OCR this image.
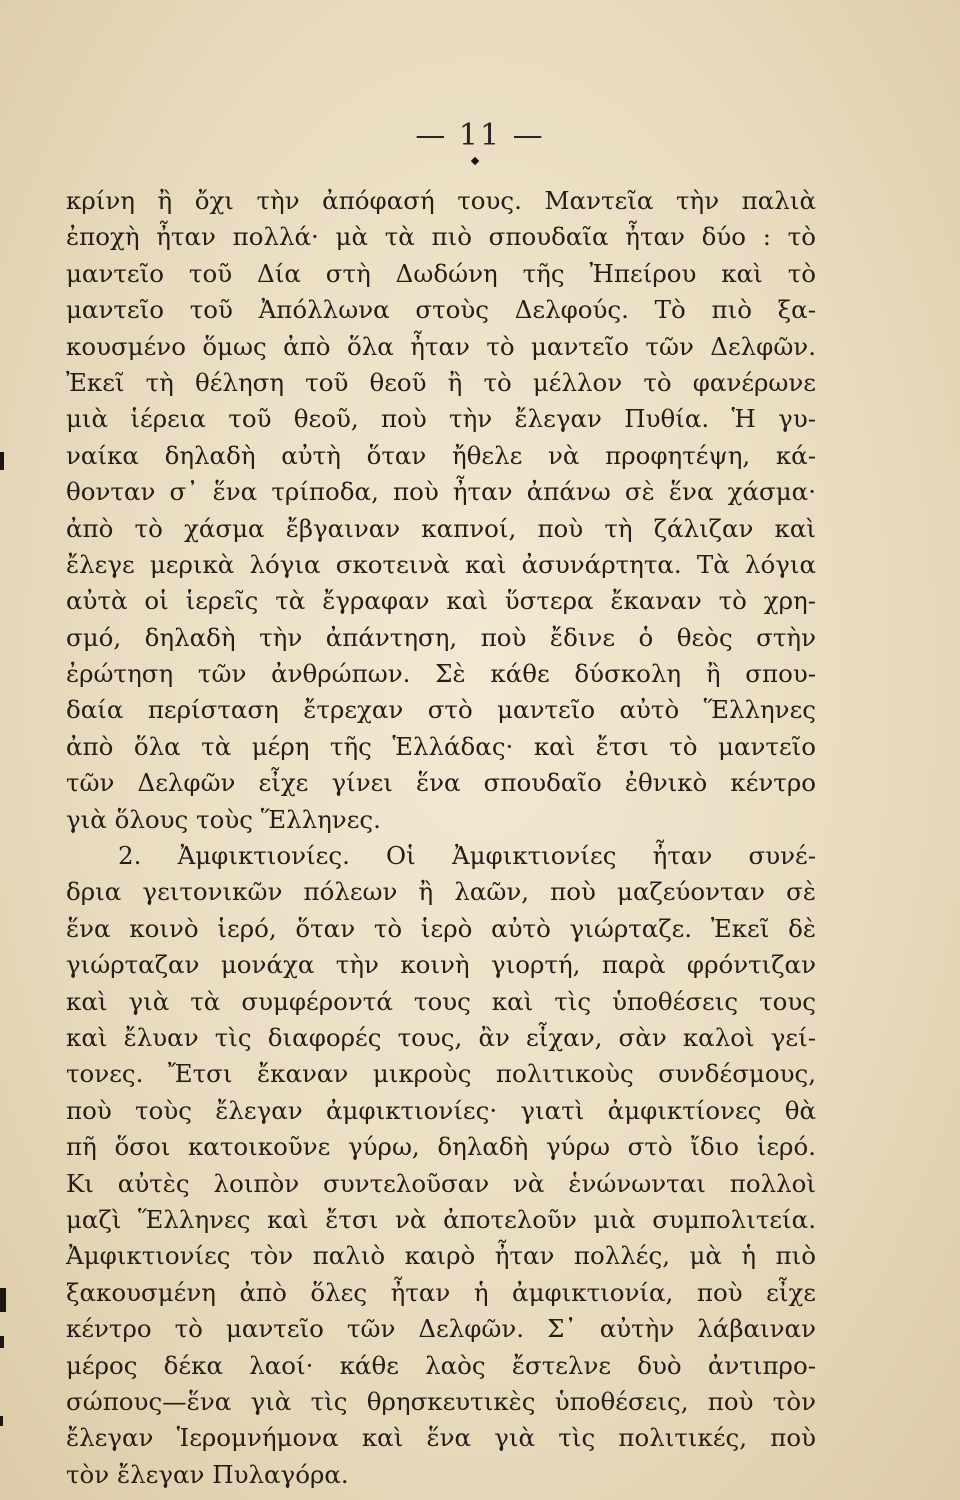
— 11 —
κρίνη ἢ ὄχι τὴν ἀπόφασή τους. Μαντεῖα τὴν παλιὰ
ἐποχὴ ἦταν πολλά· μὰ τὰ πιὸ σπουδαῖα ἦταν δύο : τὸ
μαντεῖο τοῦ Δία στὴ Δωδώνη τῆς Ἠπείρου καὶ τὸ
μαντεῖο τοῦ Ἀπόλλωνα στοὺς Δελφούς. Τὸ πιὸ ξα-
κουσμένο ὅμως ἀπὸ ὅλα ἦταν τὸ μαντεῖο τῶν Δελφῶν.
Ἐκεῖ τὴ θέληση τοῦ θεοῦ ἢ τὸ μέλλον τὸ φανέρωνε
μιὰ ἱέρεια τοῦ θεοῦ, ποὺ τὴν ἔλεγαν Πυθία. Ἡ γυ-
ναίκα δηλαδὴ αὐτὴ ὅταν ἤθελε νὰ προφητέψη, κά-
θονταν σ᾽ ἕνα τρίποδα, ποὺ ἦταν ἀπάνω σὲ ἕνα χάσμα·
ἀπὸ τὸ χάσμα ἔβγαιναν καπνοί, ποὺ τὴ ζάλιζαν καὶ
ἔλεγε μερικὰ λόγια σκοτεινὰ καὶ ἀσυνάρτητα. Τὰ λόγια
αὐτὰ οἱ ἱερεῖς τὰ ἔγραφαν καὶ ὕστερα ἔκαναν τὸ χρη-
σμό, δηλαδὴ τὴν ἀπάντηση, ποὺ ἔδινε ὁ θεὸς στὴν
ἐρώτηση τῶν ἀνθρώπων. Σὲ κάθε δύσκολη ἢ σπου-
δαία περίσταση ἔτρεχαν στὸ μαντεῖο αὐτὸ Ἕλληνες
ἀπὸ ὅλα τὰ μέρη τῆς Ἑλλάδας· καὶ ἔτσι τὸ μαντεῖο
τῶν Δελφῶν εἶχε γίνει ἕνα σπουδαῖο ἐθνικὸ κέντρο
γιὰ ὅλους τοὺς Ἕλληνες.
2. Ἀμφικτιονίες. Οἱ Ἀμφικτιονίες ἦταν συνέ-
δρια γειτονικῶν πόλεων ἢ λαῶν, ποὺ μαζεύονταν σὲ
ἕνα κοινὸ ἱερό, ὅταν τὸ ἱερὸ αὐτὸ γιώρταζε. Ἐκεῖ δὲ
γιώρταζαν μονάχα τὴν κοινὴ γιορτή, παρὰ φρόντιζαν
καὶ γιὰ τὰ συμφέροντά τους καὶ τὶς ὑποθέσεις τους
καὶ ἔλυαν τὶς διαφορές τους, ἂν εἶχαν, σὰν καλοὶ γεί-
τονες. Ἔτσι ἔκαναν μικροὺς πολιτικοὺς συνδέσμους,
ποὺ τοὺς ἔλεγαν ἀμφικτιονίες· γιατὶ ἀμφικτίονες θὰ
πῆ ὅσοι κατοικοῦνε γύρω, δηλαδὴ γύρω στὸ ἴδιο ἱερό.
Κι αὐτὲς λοιπὸν συντελοῦσαν νὰ ἑνώνωνται πολλοὶ
μαζὶ Ἕλληνες καὶ ἔτσι νὰ ἀποτελοῦν μιὰ συμπολιτεία.
Ἀμφικτιονίες τὸν παλιὸ καιρὸ ἦταν πολλές, μὰ ἡ πιὸ
ξακουσμένη ἀπὸ ὅλες ἦταν ἡ ἀμφικτιονία, ποὺ εἶχε
κέντρο τὸ μαντεῖο τῶν Δελφῶν. Σ᾽ αὐτὴν λάβαιναν
μέρος δέκα λαοί· κάθε λαὸς ἔστελνε δυὸ ἀντιπρο-
σώπους—ἕνα γιὰ τὶς θρησκευτικὲς ὑποθέσεις, ποὺ τὸν
ἔλεγαν Ἱερομνήμονα καὶ ἕνα γιὰ τὶς πολιτικές, ποὺ
τὸν ἔλεγαν Πυλαγόρα.
